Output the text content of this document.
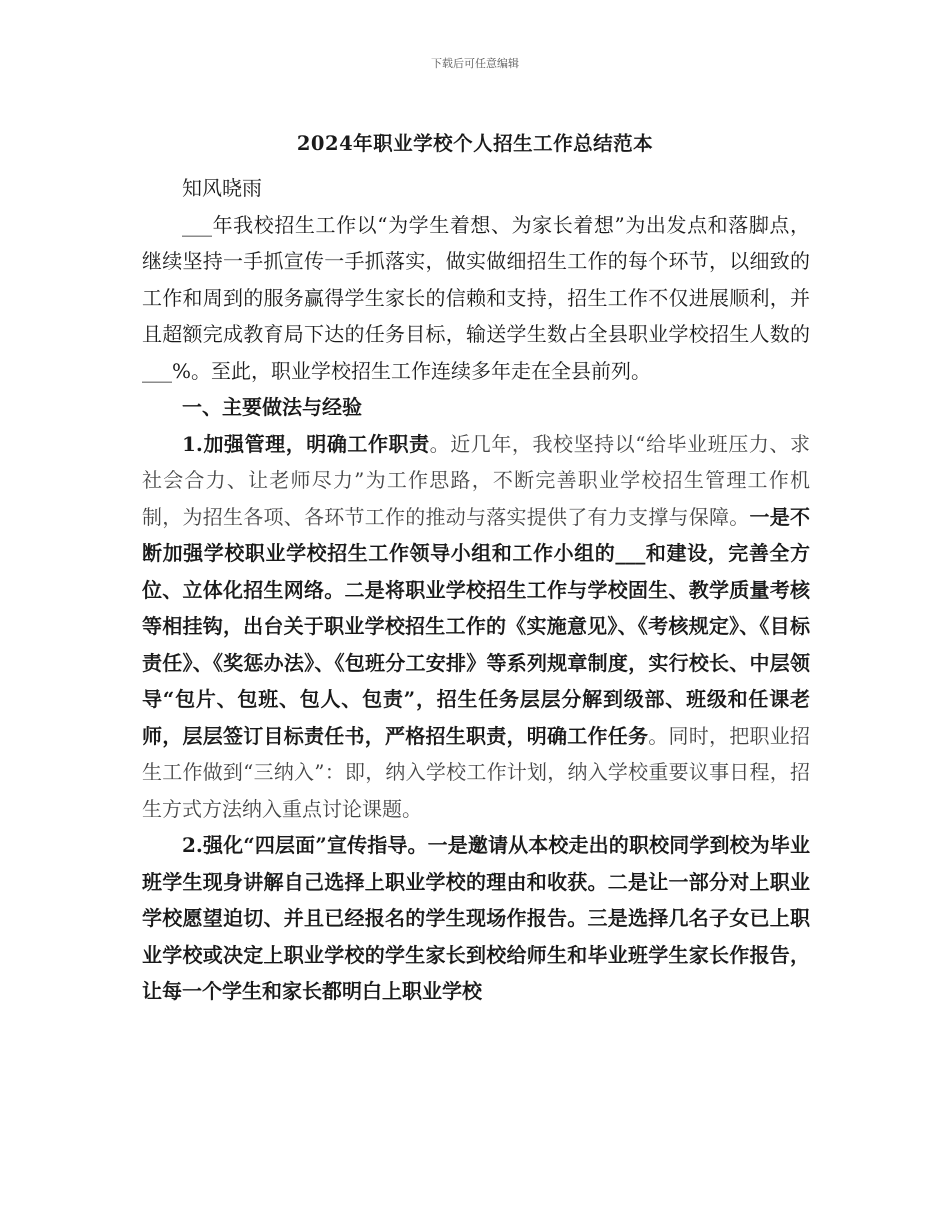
下载后可任意编辑
2024年职业学校个人招生工作总结范本

知风晓雨

___年我校招生工作以“为学生着想、为家长着想”为出发点和落脚点，继续坚持一手抓宣传一手抓落实，做实做细招生工作的每个环节，以细致的工作和周到的服务赢得学生家长的信赖和支持，招生工作不仅进展顺利，并且超额完成教育局下达的任务目标，输送学生数占全县职业学校招生人数的___%。至此，职业学校招生工作连续多年走在全县前列。

一、主要做法与经验

1.加强管理，明确工作职责。近几年，我校坚持以“给毕业班压力、求社会合力、让老师尽力”为工作思路，不断完善职业学校招生管理工作机制，为招生各项、各环节工作的推动与落实提供了有力支撑与保障。一是不断加强学校职业学校招生工作领导小组和工作小组的___和建设，完善全方位、立体化招生网络。二是将职业学校招生工作与学校固生、教学质量考核等相挂钩，出台关于职业学校招生工作的《实施意见》、《考核规定》、《目标责任》、《奖惩办法》、《包班分工安排》等系列规章制度，实行校长、中层领导“包片、包班、包人、包责”，招生任务层层分解到级部、班级和任课老师，层层签订目标责任书，严格招生职责，明确工作任务。同时，把职业招生工作做到“三纳入”：即，纳入学校工作计划，纳入学校重要议事日程，招生方式方法纳入重点讨论课题。

2.强化“四层面”宣传指导。一是邀请从本校走出的职校同学到校为毕业班学生现身讲解自己选择上职业学校的理由和收获。二是让一部分对上职业学校愿望迫切、并且已经报名的学生现场作报告。三是选择几名子女已上职业学校或决定上职业学校的学生家长到校给师生和毕业班学生家长作报告，让每一个学生和家长都明白上职业学校
